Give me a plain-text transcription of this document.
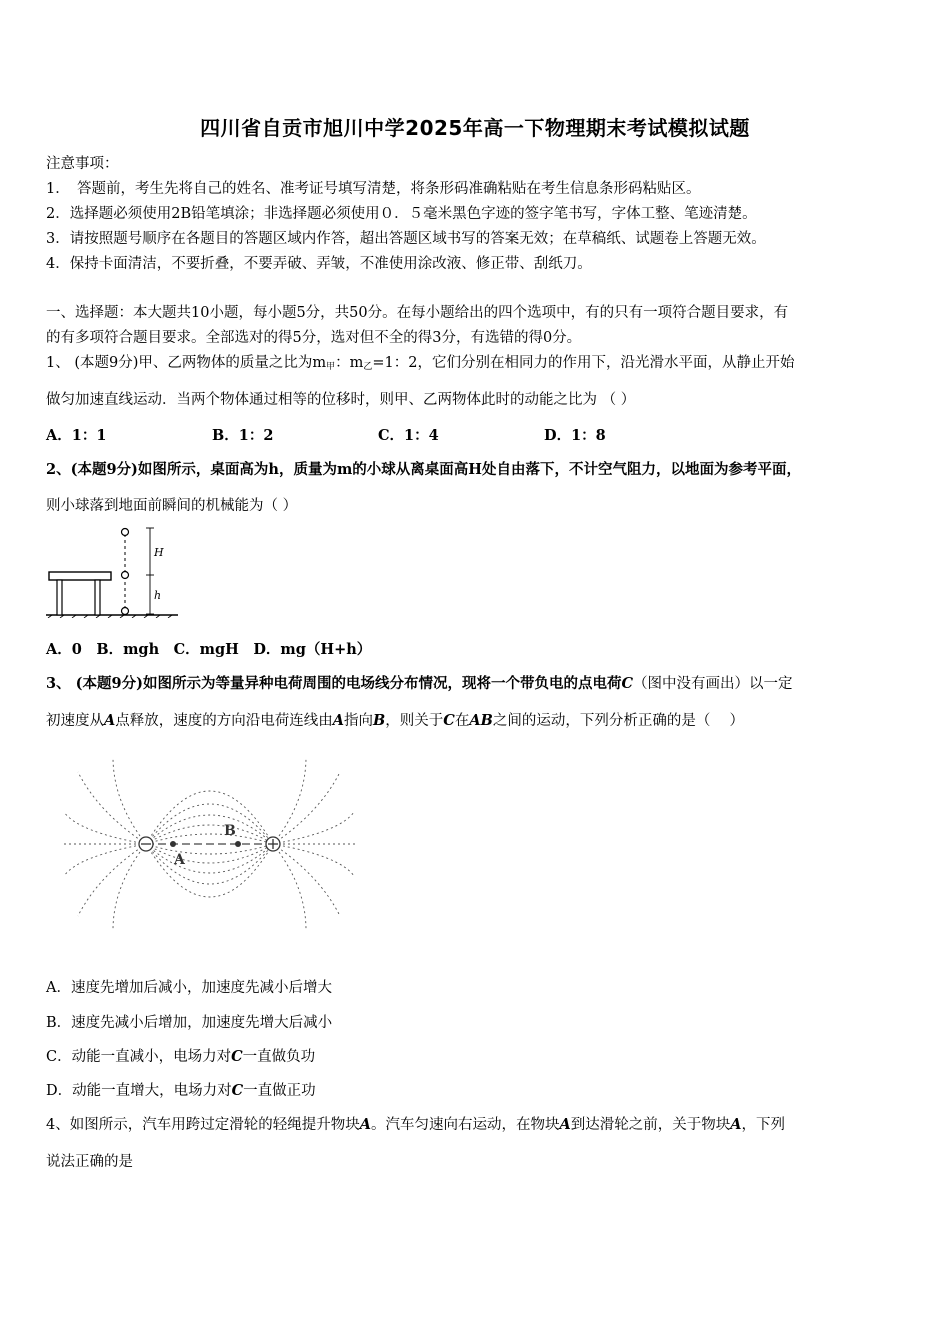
四川省自贡市旭川中学2025年高一下物理期末考试模拟试题
注意事项：
1．　答题前，考生先将自己的姓名、准考证号填写清楚，将条形码准确粘贴在考生信息条形码粘贴区。
2．选择题必须使用2B铅笔填涂；非选择题必须使用０．５毫米黑色字迹的签字笔书写，字体工整、笔迹清楚。
3．请按照题号顺序在各题目的答题区域内作答，超出答题区域书写的答案无效；在草稿纸、试题卷上答题无效。
4．保持卡面清洁，不要折叠，不要弄破、弄皱，不准使用涂改液、修正带、刮纸刀。
一、选择题：本大题共10小题，每小题5分，共50分。在每小题给出的四个选项中，有的只有一项符合题目要求，有
的有多项符合题目要求。全部选对的得5分，选对但不全的得3分，有选错的得0分。
1、 (本题9分)甲、乙两物体的质量之比为$m_甲$：$m_乙=1$：2，它们分别在相同力的作用下，沿光滑水平面，从静止开始
做匀加速直线运动．当两个物体通过相等的位移时，则甲、乙两物体此时的动能之比为 （ ）
A．1：1	B．1：2	C．1：4	D．1：8
2、(本题9分)如图所示，桌面高为h，质量为m的小球从离桌面高H处自由落下，不计空气阻力，以地面为参考平面，
则小球落到地面前瞬间的机械能为（ ）
H
h
A．0　B．mgh　C．mgH　D．mg（H+h）
3、 (本题9分)如图所示为等量异种电荷周围的电场线分布情况，现将一个带负电的点电荷C（图中没有画出）以一定
初速度从A点释放，速度的方向沿电荷连线由A指向B，则关于C在AB之间的运动，下列分析正确的是（　 ）
A
B
A．速度先增加后减小，加速度先减小后增大
B．速度先减小后增加，加速度先增大后减小
C．动能一直减小，电场力对C一直做负功
D．动能一直增大，电场力对C一直做正功
4、如图所示，汽车用跨过定滑轮的轻绳提升物块A。汽车匀速向右运动，在物块A到达滑轮之前，关于物块A，下列
说法正确的是
